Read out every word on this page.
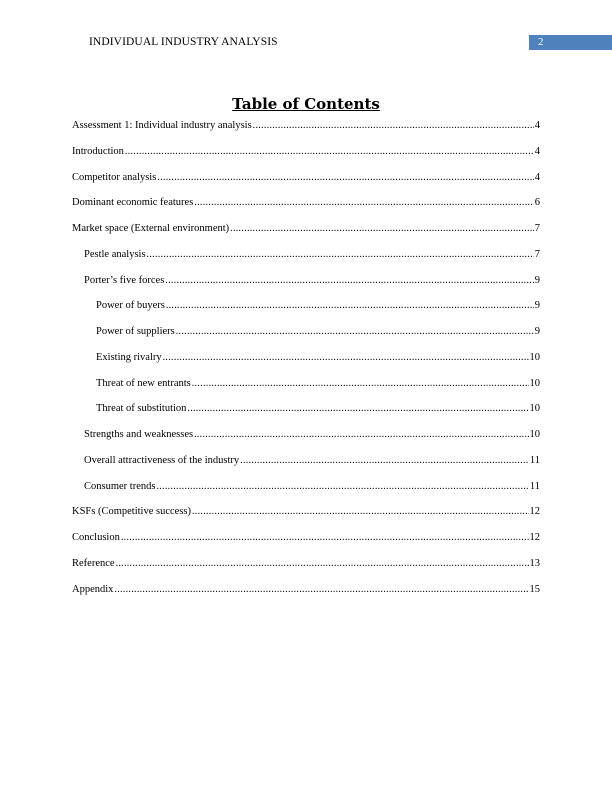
INDIVIDUAL INDUSTRY ANALYSIS	2
Table of Contents
Assessment 1: Individual industry analysis .....	4
Introduction .....	4
Competitor analysis .....	4
Dominant economic features .....	6
Market space (External environment) .....	7
Pestle analysis .....	7
Porter’s five forces .....	9
Power of buyers .....	9
Power of suppliers .....	9
Existing rivalry .....	10
Threat of new entrants .....	10
Threat of substitution .....	10
Strengths and weaknesses .....	10
Overall attractiveness of the industry .....	11
Consumer trends .....	11
KSFs (Competitive success) .....	12
Conclusion .....	12
Reference .....	13
Appendix .....	15
